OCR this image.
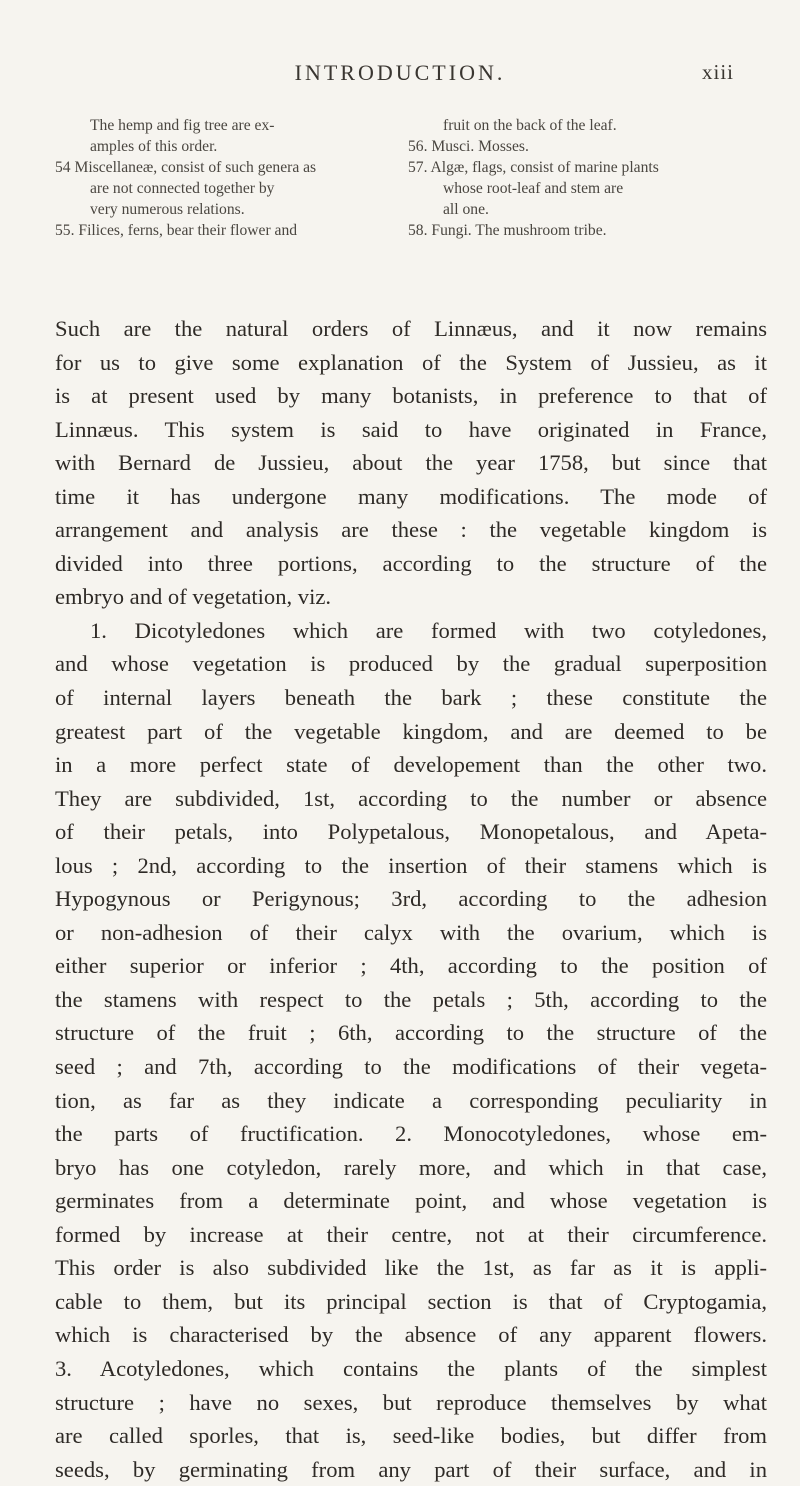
INTRODUCTION.	xiii
The hemp and fig tree are ex-
amples of this order.
54 Miscellaneæ, consist of such genera as
are not connected together by
very numerous relations.
55. Filices, ferns, bear their flower and
fruit on the back of the leaf.
56. Musci. Mosses.
57. Algæ, flags, consist of marine plants
whose root-leaf and stem are
all one.
58. Fungi. The mushroom tribe.

Such are the natural orders of Linnæus, and it now remains
for us to give some explanation of the System of Jussieu, as it
is at present used by many botanists, in preference to that of
Linnæus. This system is said to have originated in France,
with Bernard de Jussieu, about the year 1758, but since that
time it has undergone many modifications. The mode of
arrangement and analysis are these : the vegetable kingdom is
divided into three portions, according to the structure of the
embryo and of vegetation, viz.

1. Dicotyledones which are formed with two cotyledones,
and whose vegetation is produced by the gradual superposition
of internal layers beneath the bark ; these constitute the
greatest part of the vegetable kingdom, and are deemed to be
in a more perfect state of developement than the other two.
They are subdivided, 1st, according to the number or absence
of their petals, into Polypetalous, Monopetalous, and Apeta-
lous ; 2nd, according to the insertion of their stamens which is
Hypogynous or Perigynous; 3rd, according to the adhesion
or non-adhesion of their calyx with the ovarium, which is
either superior or inferior ; 4th, according to the position of
the stamens with respect to the petals ; 5th, according to the
structure of the fruit ; 6th, according to the structure of the
seed ; and 7th, according to the modifications of their vegeta-
tion, as far as they indicate a corresponding peculiarity in
the parts of fructification. 2. Monocotyledones, whose em-
bryo has one cotyledon, rarely more, and which in that case,
germinates from a determinate point, and whose vegetation is
formed by increase at their centre, not at their circumference.
This order is also subdivided like the 1st, as far as it is appli-
cable to them, but its principal section is that of Cryptogamia,
which is characterised by the absence of any apparent flowers.
3. Acotyledones, which contains the plants of the simplest
structure ; have no sexes, but reproduce themselves by what
are called sporles, that is, seed-like bodies, but differ from
seeds, by germinating from any part of their surface, and in
